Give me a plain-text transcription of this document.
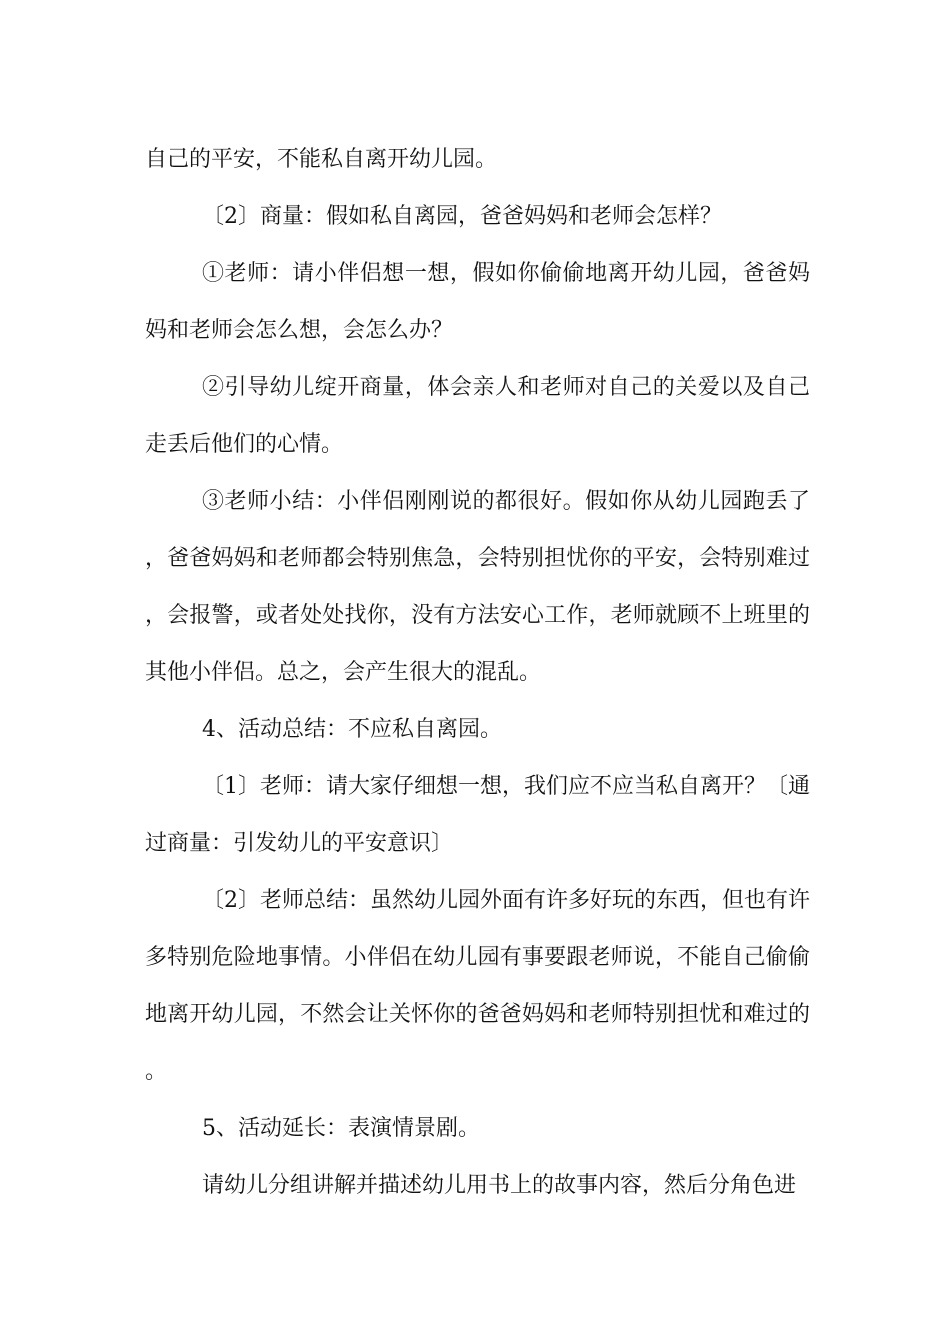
自己的平安，不能私自离开幼儿园。

〔2〕商量：假如私自离园，爸爸妈妈和老师会怎样？

①老师：请小伴侣想一想，假如你偷偷地离开幼儿园，爸爸妈妈和老师会怎么想，会怎么办？

②引导幼儿绽开商量，体会亲人和老师对自己的关爱以及自己走丢后他们的心情。

③老师小结：小伴侣刚刚说的都很好。假如你从幼儿园跑丢了，爸爸妈妈和老师都会特别焦急，会特别担忧你的平安，会特别难过，会报警，或者处处找你，没有方法安心工作，老师就顾不上班里的其他小伴侣。总之，会产生很大的混乱。

4、活动总结：不应私自离园。

〔1〕老师：请大家仔细想一想，我们应不应当私自离开？〔通过商量：引发幼儿的平安意识〕

〔2〕老师总结：虽然幼儿园外面有许多好玩的东西，但也有许多特别危险地事情。小伴侣在幼儿园有事要跟老师说，不能自己偷偷地离开幼儿园，不然会让关怀你的爸爸妈妈和老师特别担忧和难过的。

5、活动延长：表演情景剧。

请幼儿分组讲解并描述幼儿用书上的故事内容，然后分角色进
